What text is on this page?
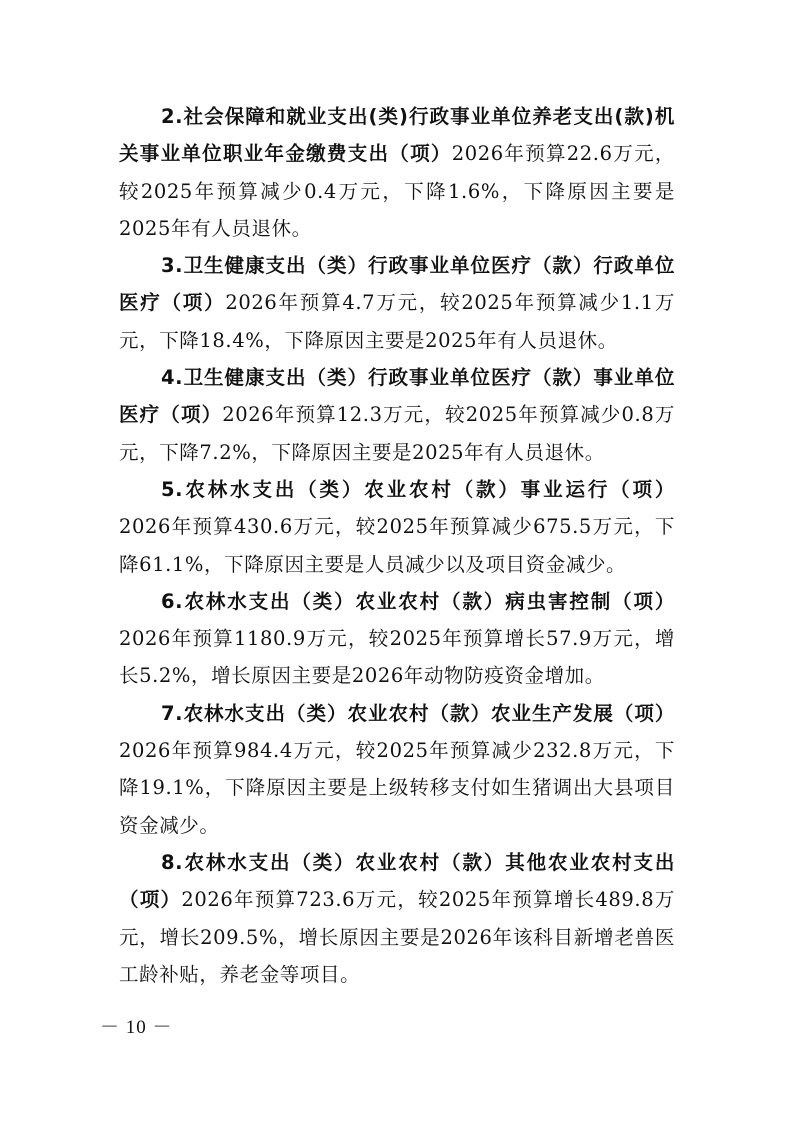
2.社会保障和就业支出(类)行政事业单位养老支出(款)机关事业单位职业年金缴费支出（项）2026年预算22.6万元，较2025年预算减少0.4万元，下降1.6%，下降原因主要是2025年有人员退休。

3.卫生健康支出（类）行政事业单位医疗（款）行政单位医疗（项）2026年预算4.7万元，较2025年预算减少1.1万元，下降18.4%，下降原因主要是2025年有人员退休。

4.卫生健康支出（类）行政事业单位医疗（款）事业单位医疗（项）2026年预算12.3万元，较2025年预算减少0.8万元，下降7.2%，下降原因主要是2025年有人员退休。

5.农林水支出（类）农业农村（款）事业运行（项）2026年预算430.6万元，较2025年预算减少675.5万元，下降61.1%，下降原因主要是人员减少以及项目资金减少。

6.农林水支出（类）农业农村（款）病虫害控制（项）2026年预算1180.9万元，较2025年预算增长57.9万元，增长5.2%，增长原因主要是2026年动物防疫资金增加。

7.农林水支出（类）农业农村（款）农业生产发展（项）2026年预算984.4万元，较2025年预算减少232.8万元，下降19.1%，下降原因主要是上级转移支付如生猪调出大县项目资金减少。

8.农林水支出（类）农业农村（款）其他农业农村支出（项）2026年预算723.6万元，较2025年预算增长489.8万元，增长209.5%，增长原因主要是2026年该科目新增老兽医工龄补贴，养老金等项目。

－ 10 －
